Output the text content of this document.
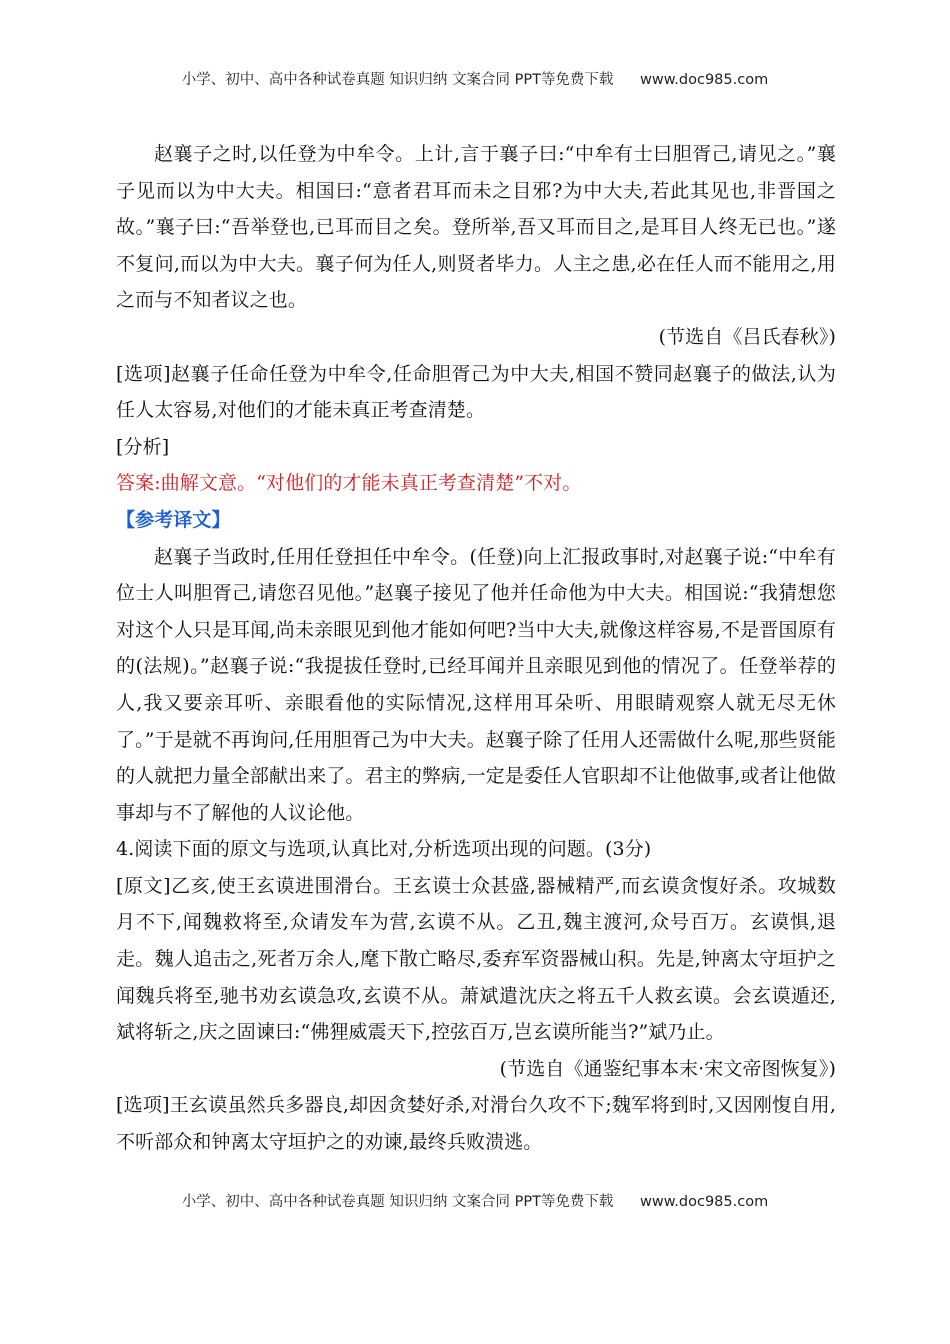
小学、初中、高中各种试卷真题 知识归纳 文案合同 PPT等免费下载 www.doc985.com

赵襄子之时,以任登为中牟令。上计,言于襄子曰:“中牟有士曰胆胥己,请见之。”襄子见而以为中大夫。相国曰:“意者君耳而未之目邪?为中大夫,若此其见也,非晋国之故。”襄子曰:“吾举登也,已耳而目之矣。登所举,吾又耳而目之,是耳目人终无已也。”遂不复问,而以为中大夫。襄子何为任人,则贤者毕力。人主之患,必在任人而不能用之,用之而与不知者议之也。

(节选自《吕氏春秋》)

[选项]赵襄子任命任登为中牟令,任命胆胥己为中大夫,相国不赞同赵襄子的做法,认为任人太容易,对他们的才能未真正考查清楚。

[分析]

答案:曲解文意。“对他们的才能未真正考查清楚”不对。

【参考译文】

赵襄子当政时,任用任登担任中牟令。(任登)向上汇报政事时,对赵襄子说:“中牟有位士人叫胆胥己,请您召见他。”赵襄子接见了他并任命他为中大夫。相国说:“我猜想您对这个人只是耳闻,尚未亲眼见到他才能如何吧?当中大夫,就像这样容易,不是晋国原有的(法规)。”赵襄子说:“我提拔任登时,已经耳闻并且亲眼见到他的情况了。任登举荐的人,我又要亲耳听、亲眼看他的实际情况,这样用耳朵听、用眼睛观察人就无尽无休了。”于是就不再询问,任用胆胥己为中大夫。赵襄子除了任用人还需做什么呢,那些贤能的人就把力量全部献出来了。君主的弊病,一定是委任人官职却不让他做事,或者让他做事却与不了解他的人议论他。

4.阅读下面的原文与选项,认真比对,分析选项出现的问题。(3分)

[原文]乙亥,使王玄谟进围滑台。王玄谟士众甚盛,器械精严,而玄谟贪愎好杀。攻城数月不下,闻魏救将至,众请发车为营,玄谟不从。乙丑,魏主渡河,众号百万。玄谟惧,退走。魏人追击之,死者万余人,麾下散亡略尽,委弃军资器械山积。先是,钟离太守垣护之闻魏兵将至,驰书劝玄谟急攻,玄谟不从。萧斌遣沈庆之将五千人救玄谟。会玄谟遁还,斌将斩之,庆之固谏曰:“佛狸威震天下,控弦百万,岂玄谟所能当?”斌乃止。

(节选自《通鉴纪事本末·宋文帝图恢复》)

[选项]王玄谟虽然兵多器良,却因贪婪好杀,对滑台久攻不下;魏军将到时,又因刚愎自用,不听部众和钟离太守垣护之的劝谏,最终兵败溃逃。

小学、初中、高中各种试卷真题 知识归纳 文案合同 PPT等免费下载 www.doc985.com
